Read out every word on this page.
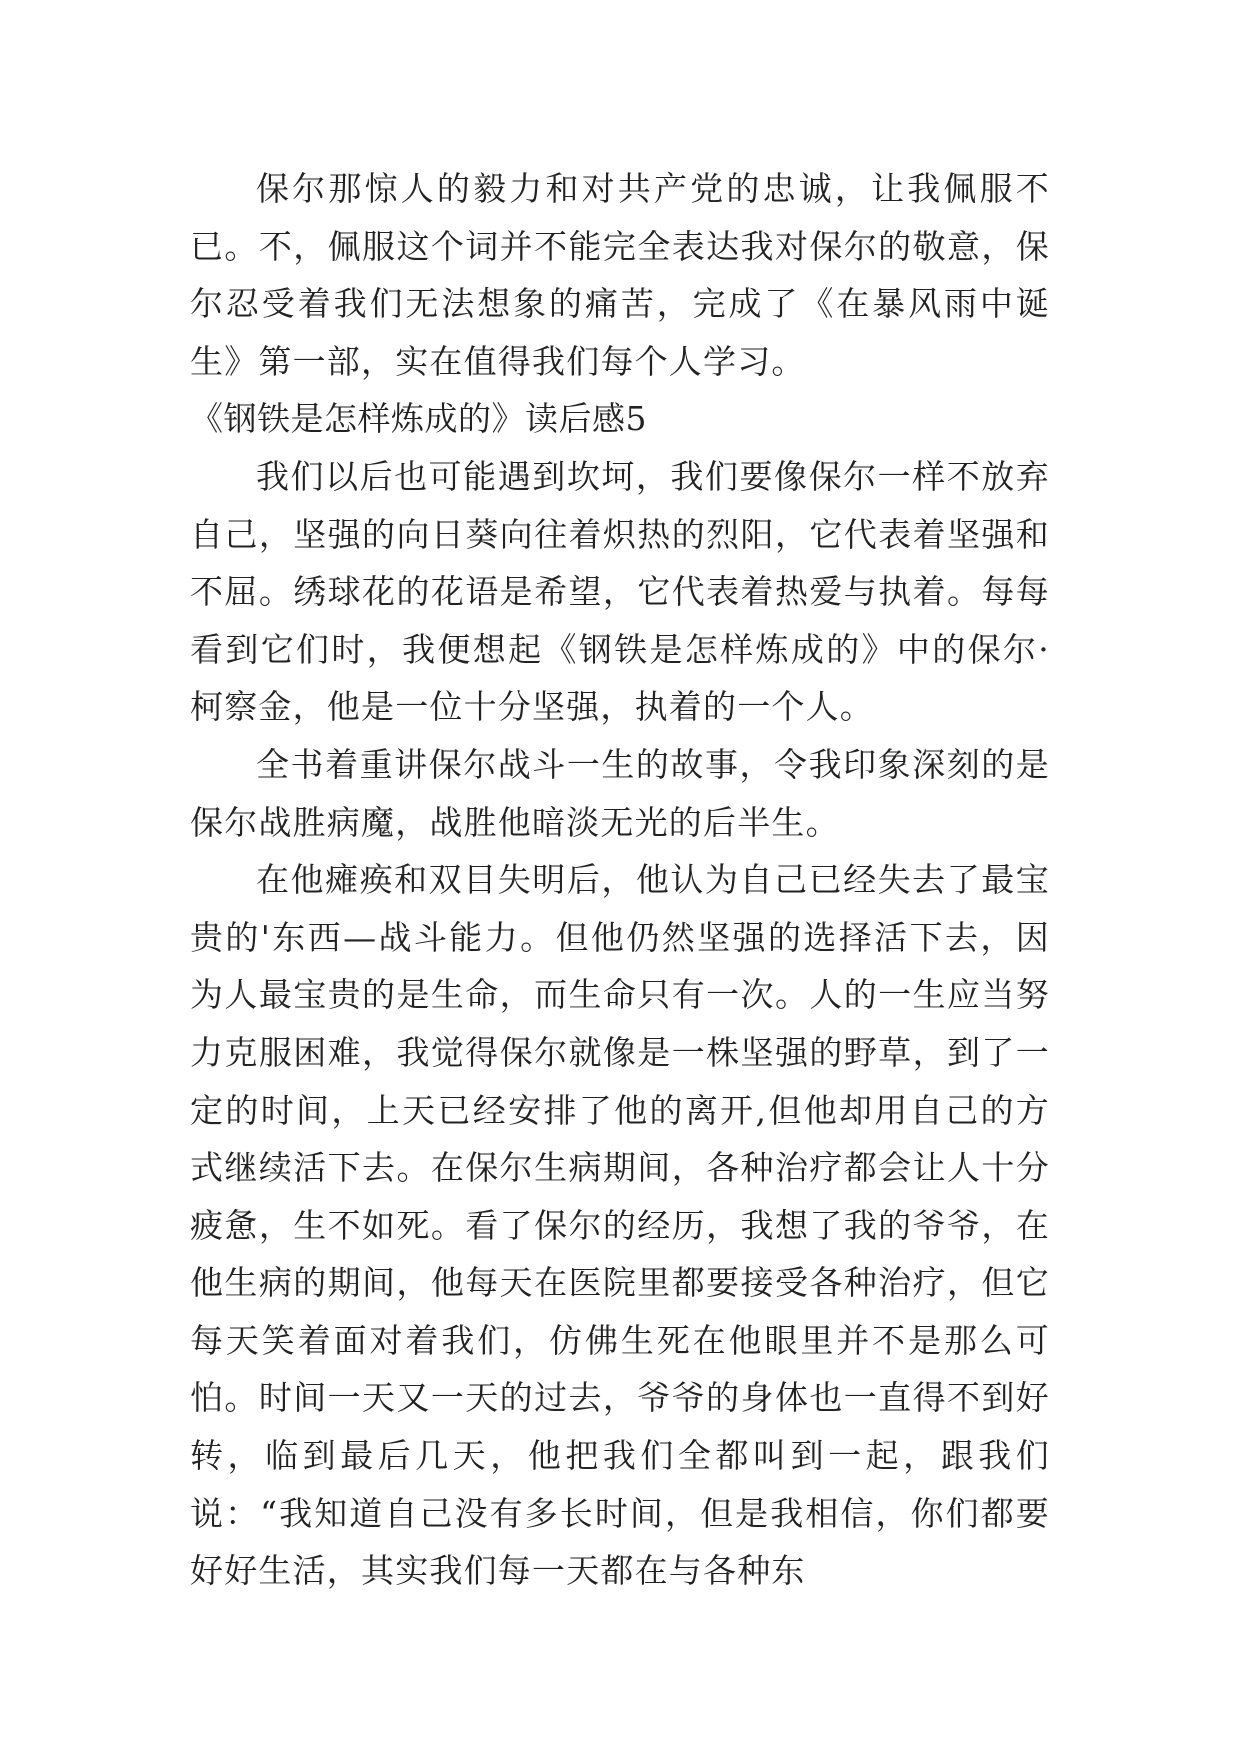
保尔那惊人的毅力和对共产党的忠诚，让我佩服不已。不，佩服这个词并不能完全表达我对保尔的敬意，保尔忍受着我们无法想象的痛苦，完成了《在暴风雨中诞生》第一部，实在值得我们每个人学习。

《钢铁是怎样炼成的》读后感5

我们以后也可能遇到坎坷，我们要像保尔一样不放弃自己，坚强的向日葵向往着炽热的烈阳，它代表着坚强和不屈。绣球花的花语是希望，它代表着热爱与执着。每每看到它们时，我便想起《钢铁是怎样炼成的》中的保尔·柯察金，他是一位十分坚强，执着的一个人。

全书着重讲保尔战斗一生的故事，令我印象深刻的是保尔战胜病魔，战胜他暗淡无光的后半生。

在他瘫痪和双目失明后，他认为自己已经失去了最宝贵的'东西—战斗能力。但他仍然坚强的选择活下去，因为人最宝贵的是生命，而生命只有一次。人的一生应当努力克服困难，我觉得保尔就像是一株坚强的野草，到了一定的时间，上天已经安排了他的离开,但他却用自己的方式继续活下去。在保尔生病期间，各种治疗都会让人十分疲惫，生不如死。看了保尔的经历，我想了我的爷爷，在他生病的期间，他每天在医院里都要接受各种治疗，但它每天笑着面对着我们，仿佛生死在他眼里并不是那么可怕。时间一天又一天的过去，爷爷的身体也一直得不到好转，临到最后几天，他把我们全都叫到一起，跟我们说：“我知道自己没有多长时间，但是我相信，你们都要好好生活，其实我们每一天都在与各种东
